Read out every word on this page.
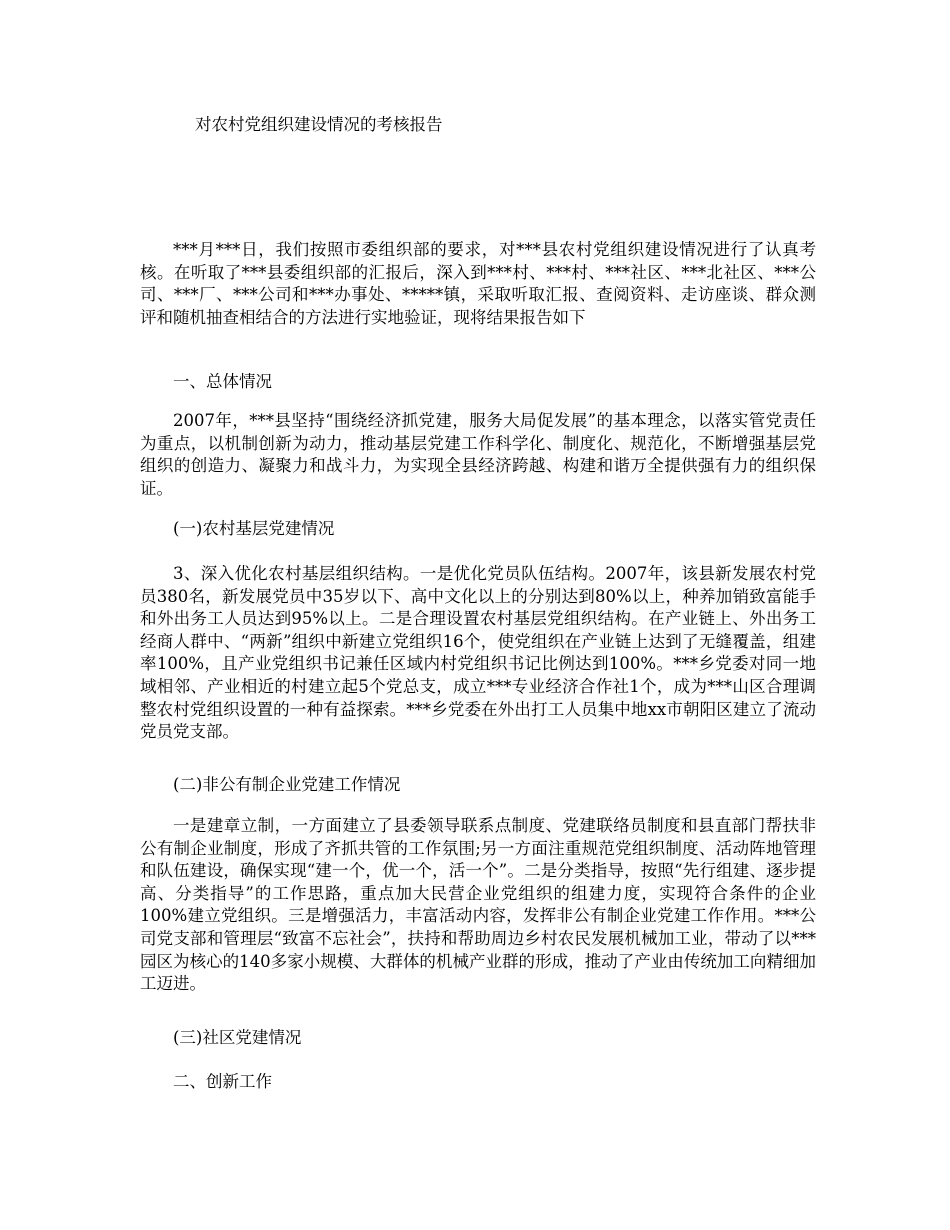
对农村党组织建设情况的考核报告

***月***日，我们按照市委组织部的要求，对***县农村党组织建设情况进行了认真考核。在听取了***县委组织部的汇报后，深入到***村、***村、***社区、***北社区、***公司、***厂、***公司和***办事处、*****镇，采取听取汇报、查阅资料、走访座谈、群众测评和随机抽查相结合的方法进行实地验证，现将结果报告如下

一、总体情况

2007年，***县坚持“围绕经济抓党建，服务大局促发展”的基本理念，以落实管党责任为重点，以机制创新为动力，推动基层党建工作科学化、制度化、规范化，不断增强基层党组织的创造力、凝聚力和战斗力，为实现全县经济跨越、构建和谐万全提供强有力的组织保证。

(一)农村基层党建情况

3、深入优化农村基层组织结构。一是优化党员队伍结构。2007年，该县新发展农村党员380名，新发展党员中35岁以下、高中文化以上的分别达到80%以上，种养加销致富能手和外出务工人员达到95%以上。二是合理设置农村基层党组织结构。在产业链上、外出务工经商人群中、“两新”组织中新建立党组织16个，使党组织在产业链上达到了无缝覆盖，组建率100%，且产业党组织书记兼任区域内村党组织书记比例达到100%。***乡党委对同一地域相邻、产业相近的村建立起5个党总支，成立***专业经济合作社1个，成为***山区合理调整农村党组织设置的一种有益探索。***乡党委在外出打工人员集中地xx市朝阳区建立了流动党员党支部。

(二)非公有制企业党建工作情况

一是建章立制，一方面建立了县委领导联系点制度、党建联络员制度和县直部门帮扶非公有制企业制度，形成了齐抓共管的工作氛围;另一方面注重规范党组织制度、活动阵地管理和队伍建设，确保实现“建一个，优一个，活一个”。二是分类指导，按照“先行组建、逐步提高、分类指导”的工作思路，重点加大民营企业党组织的组建力度，实现符合条件的企业100%建立党组织。三是增强活力，丰富活动内容，发挥非公有制企业党建工作作用。***公司党支部和管理层“致富不忘社会”，扶持和帮助周边乡村农民发展机械加工业，带动了以***园区为核心的140多家小规模、大群体的机械产业群的形成，推动了产业由传统加工向精细加工迈进。

(三)社区党建情况

二、创新工作
